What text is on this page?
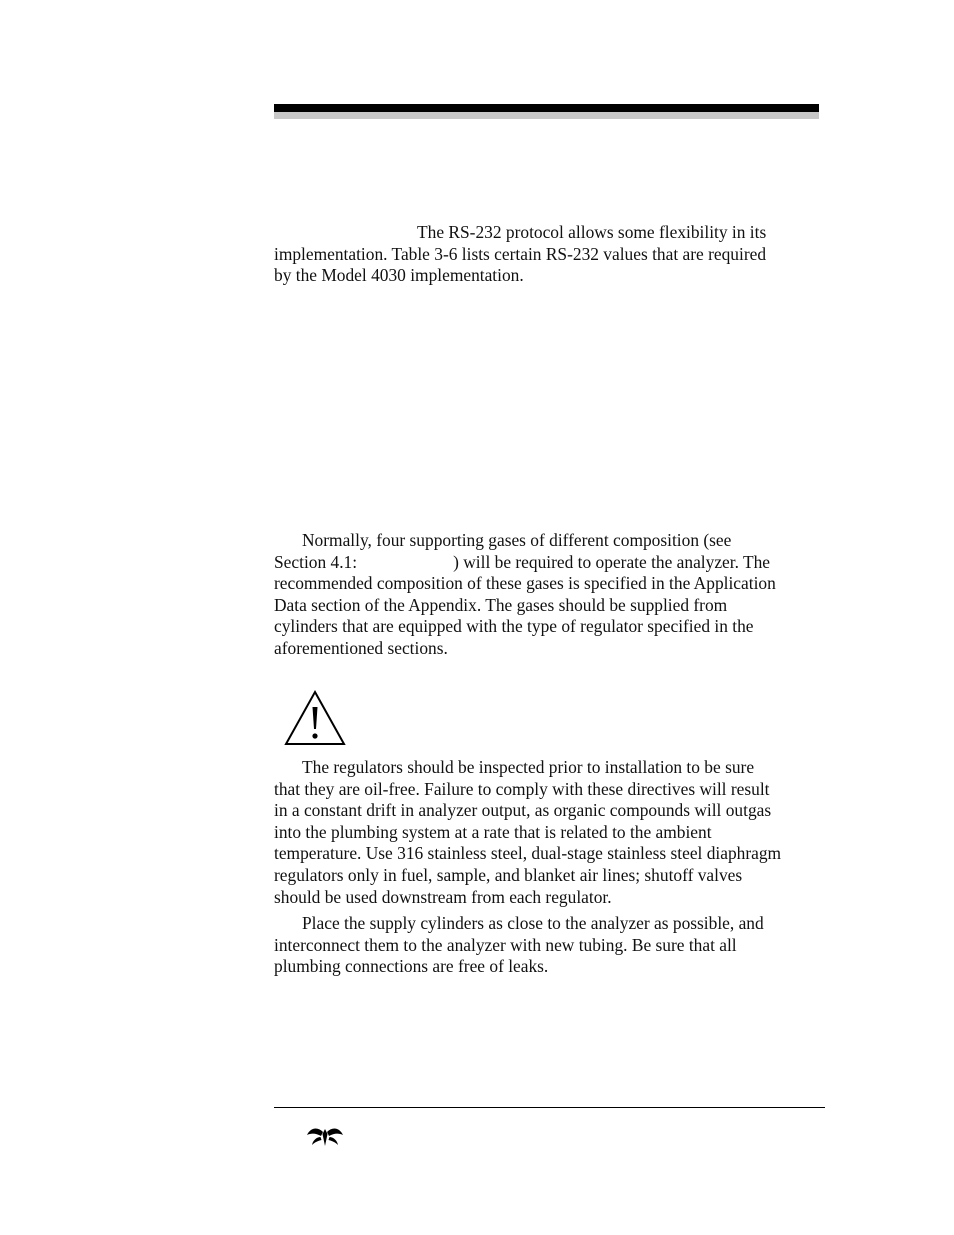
The RS-232 protocol allows some flexibility in its
implementation. Table 3-6 lists certain RS-232 values that are required
by the Model 4030 implementation.
Normally, four supporting gases of different composition (see
Section 4.1:	) will be required to operate the analyzer. The
recommended composition of these gases is specified in the Application
Data section of the Appendix. The gases should be supplied from
cylinders that are equipped with the type of regulator specified in the
aforementioned sections.
The regulators should be inspected prior to installation to be sure
that they are oil-free. Failure to comply with these directives will result
in a constant drift in analyzer output, as organic compounds will outgas
into the plumbing system at a rate that is related to the ambient
temperature. Use 316 stainless steel, dual-stage stainless steel diaphragm
regulators only in fuel, sample, and blanket air lines; shutoff valves
should be used downstream from each regulator.
Place the supply cylinders as close to the analyzer as possible, and
interconnect them to the analyzer with new tubing. Be sure that all
plumbing connections are free of leaks.
